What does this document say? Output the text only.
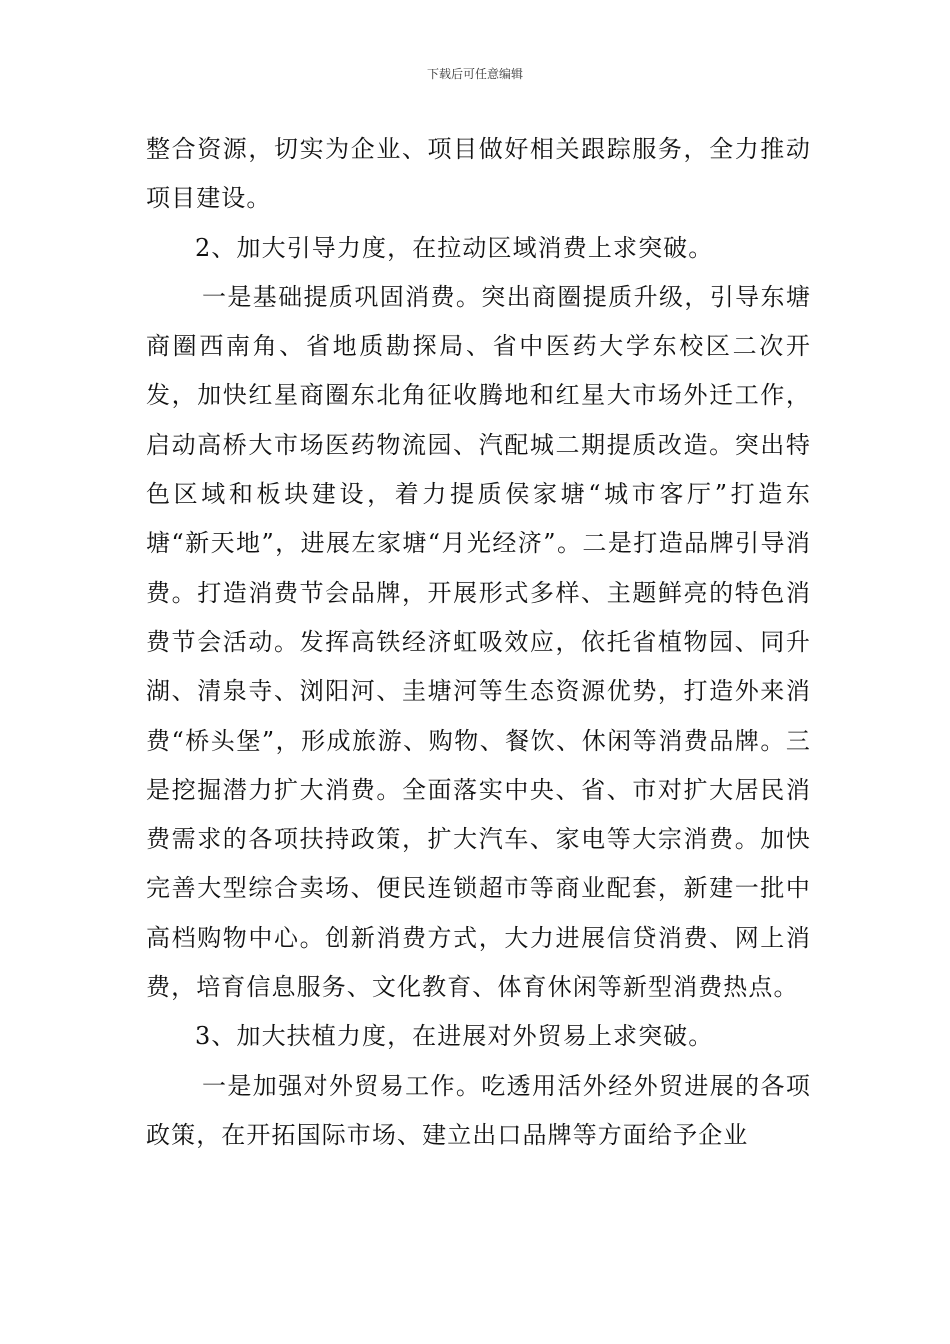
下载后可任意编辑

整合资源，切实为企业、项目做好相关跟踪服务，全力推动项目建设。

2、加大引导力度，在拉动区域消费上求突破。

一是基础提质巩固消费。突出商圈提质升级，引导东塘商圈西南角、省地质勘探局、省中医药大学东校区二次开发，加快红星商圈东北角征收腾地和红星大市场外迁工作，启动高桥大市场医药物流园、汽配城二期提质改造。突出特色区域和板块建设，着力提质侯家塘“城市客厅”打造东塘“新天地”，进展左家塘“月光经济”。二是打造品牌引导消费。打造消费节会品牌，开展形式多样、主题鲜亮的特色消费节会活动。发挥高铁经济虹吸效应，依托省植物园、同升湖、清泉寺、浏阳河、圭塘河等生态资源优势，打造外来消费“桥头堡”，形成旅游、购物、餐饮、休闲等消费品牌。三是挖掘潜力扩大消费。全面落实中央、省、市对扩大居民消费需求的各项扶持政策，扩大汽车、家电等大宗消费。加快完善大型综合卖场、便民连锁超市等商业配套，新建一批中高档购物中心。创新消费方式，大力进展信贷消费、网上消费，培育信息服务、文化教育、体育休闲等新型消费热点。

3、加大扶植力度，在进展对外贸易上求突破。

一是加强对外贸易工作。吃透用活外经外贸进展的各项政策，在开拓国际市场、建立出口品牌等方面给予企业
